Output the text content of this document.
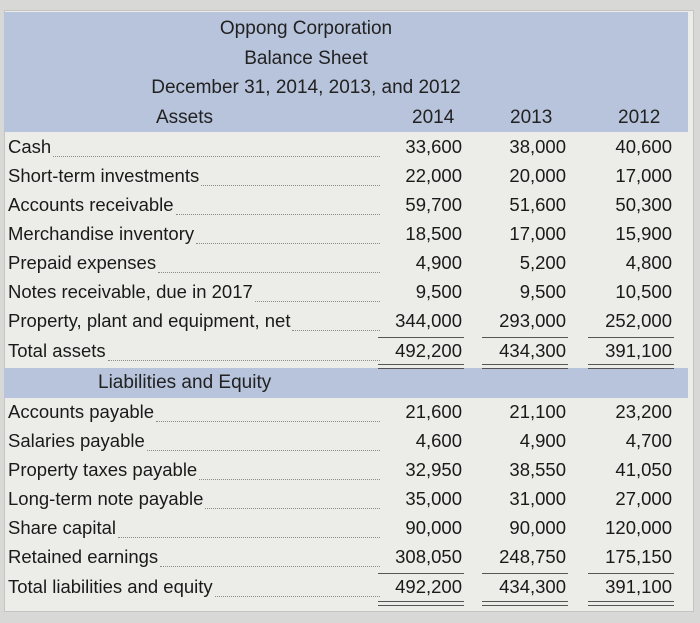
Oppong Corporation
Balance Sheet
December 31, 2014, 2013, and 2012
Assets	2014	2013	2012
Cash	33,600	38,000	40,600
Short-term investments	22,000	20,000	17,000
Accounts receivable	59,700	51,600	50,300
Merchandise inventory	18,500	17,000	15,900
Prepaid expenses	4,900	5,200	4,800
Notes receivable, due in 2017	9,500	9,500	10,500
Property, plant and equipment, net	344,000	293,000	252,000
Total assets	492,200	434,300	391,100
Accounts payable	21,600	21,100	23,200
Salaries payable	4,600	4,900	4,700
Property taxes payable	32,950	38,550	41,050
Long-term note payable	35,000	31,000	27,000
Share capital	90,000	90,000	120,000
Retained earnings	308,050	248,750	175,150
Total liabilities and equity	492,200	434,300	391,100
Liabilities and Equity
